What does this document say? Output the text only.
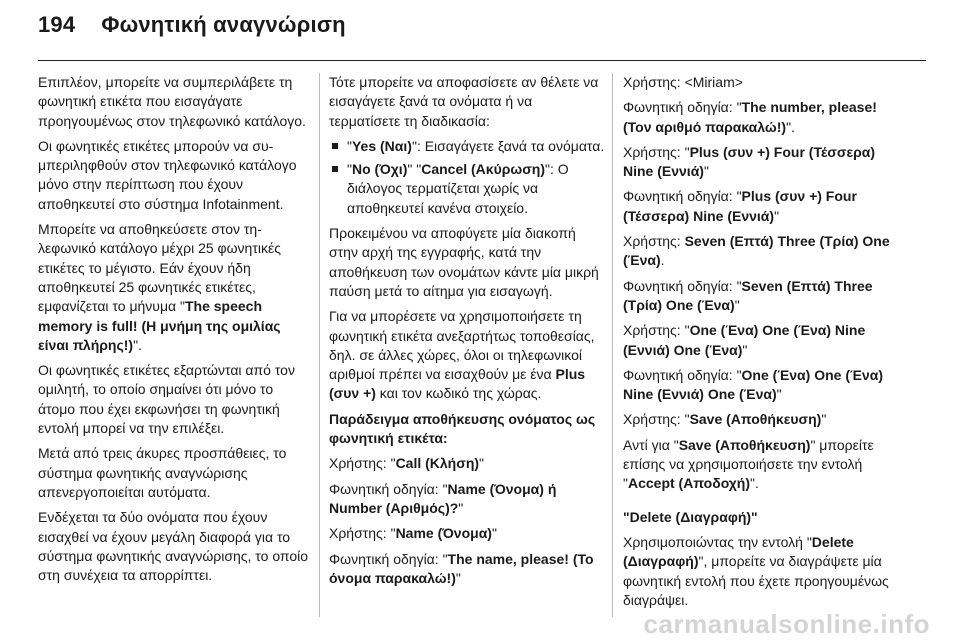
194 Φωνητική αναγνώριση

Επιπλέον, μπορείτε να συμπεριλάβετε τη φωνητική ετικέτα που εισαγάγατε προηγουμένως στον τηλεφωνικό κατάλογο.

Οι φωνητικές ετικέτες μπορούν να συμπεριληφθούν στον τηλεφωνικό κατάλογο μόνο στην περίπτωση που έχουν αποθηκευτεί στο σύστημα Infotainment.

Μπορείτε να αποθηκεύσετε στον τηλεφωνικό κατάλογο μέχρι 25 φωνητικές ετικέτες το μέγιστο. Εάν έχουν ήδη αποθηκευτεί 25 φωνητικές ετικέτες, εμφανίζεται το μήνυμα "The speech memory is full! (Η μνήμη της ομιλίας είναι πλήρης!)".

Οι φωνητικές ετικέτες εξαρτώνται από τον ομιλητή, το οποίο σημαίνει ότι μόνο το άτομο που έχει εκφωνήσει τη φωνητική εντολή μπορεί να την επιλέξει.

Μετά από τρεις άκυρες προσπάθειες, το σύστημα φωνητικής αναγνώρισης απενεργοποιείται αυτόματα.

Ενδέχεται τα δύο ονόματα που έχουν εισαχθεί να έχουν μεγάλη διαφορά για το σύστημα φωνητικής αναγνώρισης, το οποίο στη συνέχεια τα απορρίπτει.

Τότε μπορείτε να αποφασίσετε αν θέλετε να εισαγάγετε ξανά τα ονόματα ή να τερματίσετε τη διαδικασία:

"Yes (Ναι)": Εισαγάγετε ξανά τα ονόματα.
"No (Όχι)" "Cancel (Ακύρωση)": Ο διάλογος τερματίζεται χωρίς να αποθηκευτεί κανένα στοιχείο.

Προκειμένου να αποφύγετε μία διακοπή στην αρχή της εγγραφής, κατά την αποθήκευση των ονομάτων κάντε μία μικρή παύση μετά το αίτημα για εισαγωγή.

Για να μπορέσετε να χρησιμοποιήσετε τη φωνητική ετικέτα ανεξαρτήτως τοποθεσίας, δηλ. σε άλλες χώρες, όλοι οι τηλεφωνικοί αριθμοί πρέπει να εισαχθούν με ένα Plus (συν +) και τον κωδικό της χώρας.

Παράδειγμα αποθήκευσης ονόματος ως φωνητική ετικέτα:

Χρήστης: "Call (Κλήση)"

Φωνητική οδηγία: "Name (Όνομα) ή Number (Αριθμός)?"

Χρήστης: "Name (Όνομα)"

Φωνητική οδηγία: "The name, please! (Το όνομα παρακαλώ!)"

Χρήστης: <Miriam>

Φωνητική οδηγία: "The number, please! (Τον αριθμό παρακαλώ!)".

Χρήστης: "Plus (συν +) Four (Τέσσερα) Nine (Εννιά)"

Φωνητική οδηγία: "Plus (συν +) Four (Τέσσερα) Nine (Εννιά)"

Χρήστης: Seven (Επτά) Three (Τρία) One (Ένα).

Φωνητική οδηγία: "Seven (Επτά) Three (Τρία) One (Ένα)"

Χρήστης: "One (Ένα) One (Ένα) Nine (Εννιά) One (Ένα)"

Φωνητική οδηγία: "One (Ένα) One (Ένα) Nine (Εννιά) One (Ένα)"

Χρήστης: "Save (Αποθήκευση)"

Αντί για "Save (Αποθήκευση)" μπορείτε επίσης να χρησιμοποιήσετε την εντολή "Accept (Αποδοχή)".

"Delete (Διαγραφή)"

Χρησιμοποιώντας την εντολή "Delete (Διαγραφή)", μπορείτε να διαγράψετε μία φωνητική εντολή που έχετε προηγουμένως διαγράψει.

carmanualsonline.info
